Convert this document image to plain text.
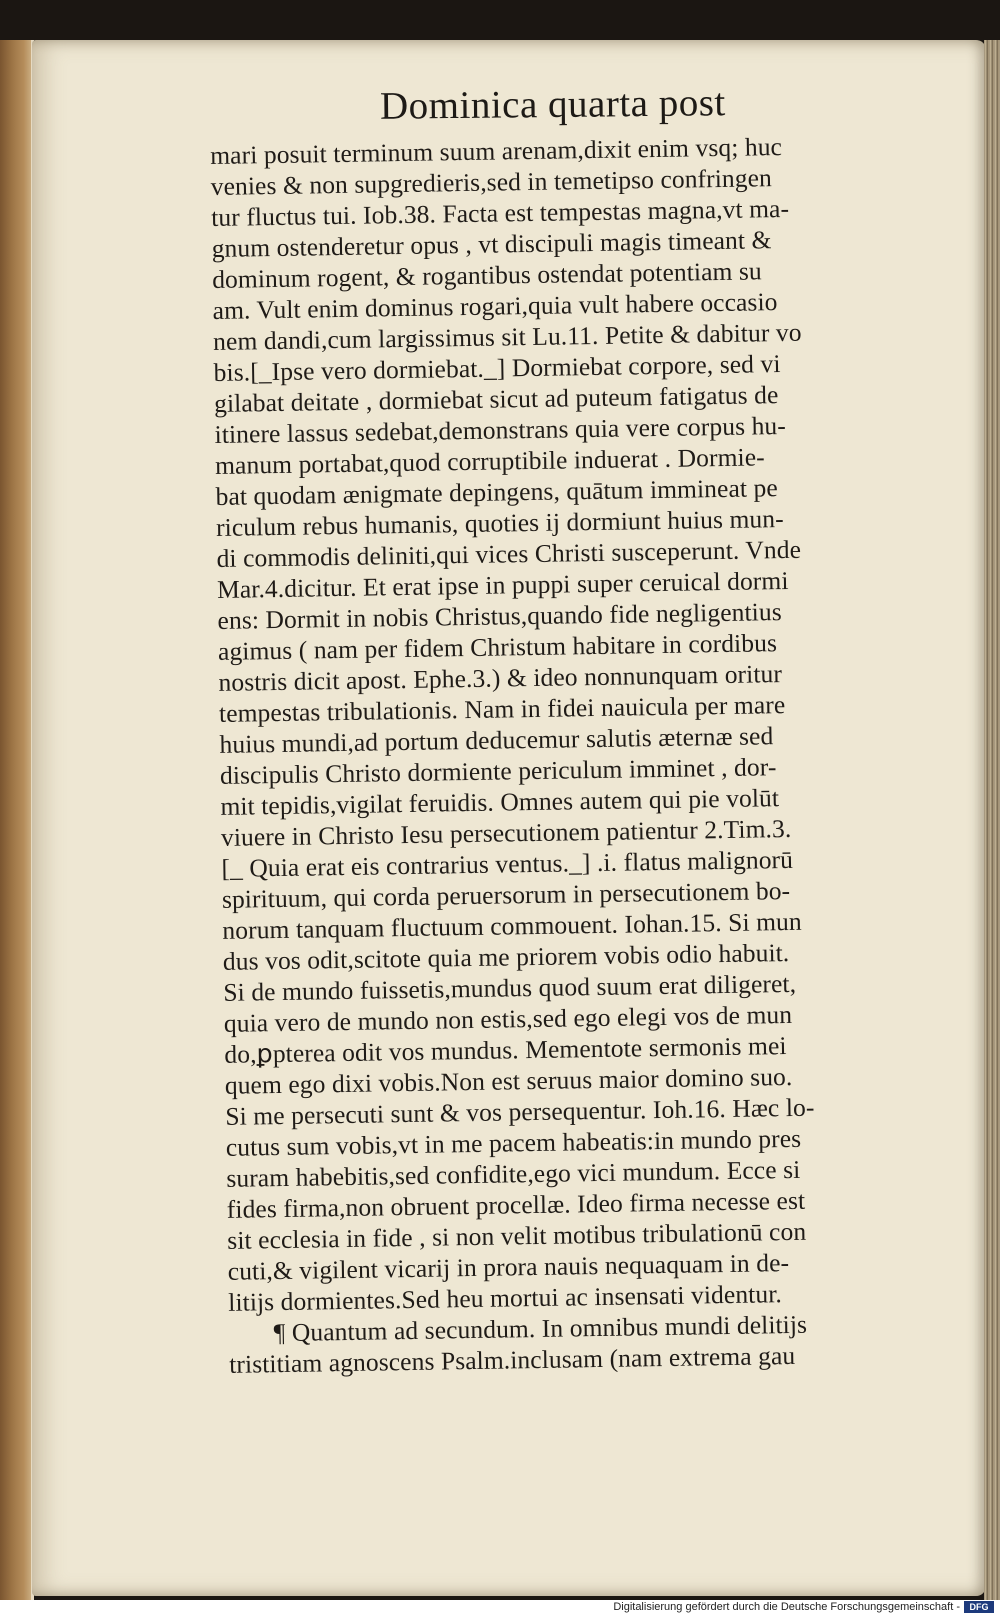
Dominica quarta post
mari posuit terminum suum arenam,dixit enim vsq; huc
venies & non supgredieris,sed in temetipso confringen
tur fluctus tui. Iob.38. Facta est tempestas magna,vt ma-
gnum ostenderetur opus , vt discipuli magis timeant &
dominum rogent, & rogantibus ostendat potentiam su
am. Vult enim dominus rogari,quia vult habere occasio
nem dandi,cum largissimus sit Lu.11. Petite & dabitur vo
bis.[_Ipse vero dormiebat._] Dormiebat corpore, sed vi
gilabat deitate , dormiebat sicut ad puteum fatigatus de
itinere lassus sedebat,demonstrans quia vere corpus hu-
manum portabat,quod corruptibile induerat . Dormie-
bat quodam ænigmate depingens, quātum immineat pe
riculum rebus humanis, quoties ij dormiunt huius mun-
di commodis deliniti,qui vices Christi susceperunt. Vnde
Mar.4.dicitur. Et erat ipse in puppi super ceruical dormi
ens: Dormit in nobis Christus,quando fide negligentius
agimus ( nam per fidem Christum habitare in cordibus
nostris dicit apost. Ephe.3.) & ideo nonnunquam oritur
tempestas tribulationis. Nam in fidei nauicula per mare
huius mundi,ad portum deducemur salutis æternæ sed
discipulis Christo dormiente periculum imminet , dor-
mit tepidis,vigilat feruidis. Omnes autem qui pie volūt
viuere in Christo Iesu persecutionem patientur 2.Tim.3.
[_ Quia erat eis contrarius ventus._] .i. flatus malignorū
spirituum, qui corda peruersorum in persecutionem bo-
norum tanquam fluctuum commouent. Iohan.15. Si mun
dus vos odit,scitote quia me priorem vobis odio habuit.
Si de mundo fuissetis,mundus quod suum erat diligeret,
quia vero de mundo non estis,sed ego elegi vos de mun
do,ꝑpterea odit vos mundus. Mementote sermonis mei
quem ego dixi vobis.Non est seruus maior domino suo.
Si me persecuti sunt & vos persequentur. Ioh.16. Hæc lo-
cutus sum vobis,vt in me pacem habeatis:in mundo pres
suram habebitis,sed confidite,ego vici mundum. Ecce si
fides firma,non obruent procellæ. Ideo firma necesse est
sit ecclesia in fide , si non velit motibus tribulationū con
cuti,& vigilent vicarij in prora nauis nequaquam in de-
litijs dormientes.Sed heu mortui ac insensati videntur.
¶ Quantum ad secundum. In omnibus mundi delitijs
tristitiam agnoscens Psalm.inclusam (nam extrema gau
Digitalisierung gefördert durch die Deutsche Forschungsgemeinschaft -	DFG
